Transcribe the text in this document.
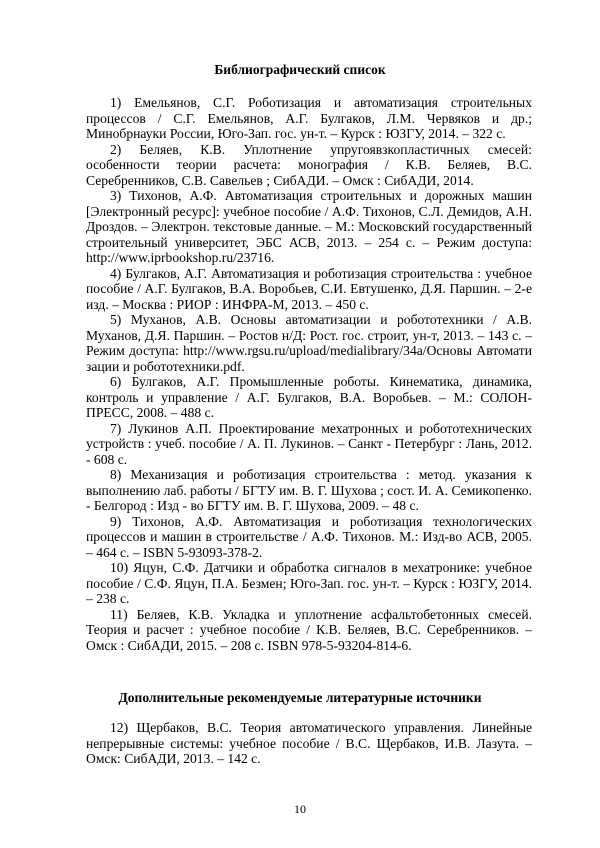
Библиографический список

1) Емельянов, С.Г. Роботизация и автоматизация строительных процессов / С.Г. Емельянов, А.Г. Булгаков, Л.М. Червяков и др.; Минобрнауки России, Юго-Зап. гос. ун-т. – Курск : ЮЗГУ, 2014. – 322 с.

2) Беляев, К.В. Уплотнение упругоявзкопластичных смесей: особенности теории расчета: монография / К.В. Беляев, В.С. Серебренников, С.В. Савельев ; СибАДИ. – Омск : СибАДИ, 2014.

3) Тихонов, А.Ф. Автоматизация строительных и дорожных машин [Электронный ресурс]: учебное пособие / А.Ф. Тихонов, С.Л. Демидов, А.Н. Дроздов. – Электрон. текстовые данные. – М.: Московский государственный строительный университет, ЭБС АСВ, 2013. – 254 с. – Режим доступа: http://www.iprbookshop.ru/23716.

4) Булгаков, А.Г. Автоматизация и роботизация строительства : учебное пособие / А.Г. Булгаков, В.А. Воробьев, С.И. Евтушенко, Д.Я. Паршин. – 2-е изд. – Москва : РИОР : ИНФРА-М, 2013. – 450 с.

5) Муханов, А.В. Основы автоматизации и робототехники / А.В. Муханов, Д.Я. Паршин. – Ростов н/Д: Рост. гос. строит, ун-т, 2013. – 143 с. – Режим доступа: http://www.rgsu.ru/upload/medialibrary/34a/Основы Автомати зации и робототехники.pdf.

6) Булгаков, А.Г. Промышленные роботы. Кинематика, динамика, контроль и управление / А.Г. Булгаков, В.А. Воробьев. – М.: СОЛОН-ПРЕСС, 2008. – 488 с.

7) Лукинов А.П. Проектирование мехатронных и робототехнических устройств : учеб. пособие / А. П. Лукинов. – Санкт - Петербург : Лань, 2012. - 608 с.

8) Механизация и роботизация строительства : метод. указания к выполнению лаб. работы / БГТУ им. В. Г. Шухова ; сост. И. А. Семикопенко. - Белгород : Изд - во БГТУ им. В. Г. Шухова, 2009. – 48 с.

9) Тихонов, А.Ф. Автоматизация и роботизация технологических процессов и машин в строительстве / А.Ф. Тихонов. М.: Изд-во АСВ, 2005. – 464 с. – ISBN 5-93093-378-2.

10) Яцун, С.Ф. Датчики и обработка сигналов в мехатронике: учебное пособие / С.Ф. Яцун, П.А. Безмен; Юго-Зап. гос. ун-т. – Курск : ЮЗГУ, 2014. – 238 с.

11) Беляев, К.В. Укладка и уплотнение асфальтобетонных смесей. Теория и расчет : учебное пособие / К.В. Беляев, В.С. Серебренников. – Омск : СибАДИ, 2015. – 208 с. ISBN 978-5-93204-814-6.

Дополнительные рекомендуемые литературные источники

12) Щербаков, В.С. Теория автоматического управления. Линейные непрерывные системы: учебное пособие / В.С. Щербаков, И.В. Лазута. – Омск: СибАДИ, 2013. – 142 с.

10
